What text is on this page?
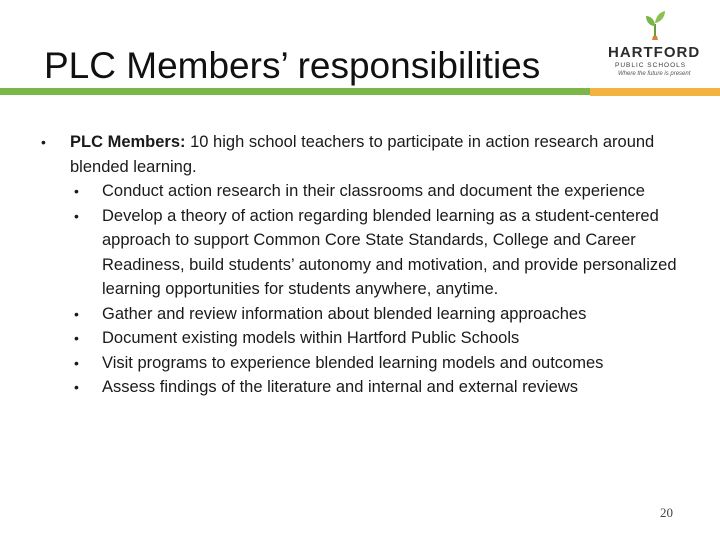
PLC Members’ responsibilities	HARTFORD
PUBLIC SCHOOLS
Where the future is present
• PLC Members: 10 high school teachers to participate in action research around blended learning.
• Conduct action research in their classrooms and document the experience
• Develop a theory of action regarding blended learning as a student-centered approach to support Common Core State Standards, College and Career Readiness, build students’ autonomy and motivation, and provide personalized learning opportunities for students anywhere, anytime.
• Gather and review information about blended learning approaches
• Document existing models within Hartford Public Schools
• Visit programs to experience blended learning models and outcomes
• Assess findings of the literature and internal and external reviews
20
